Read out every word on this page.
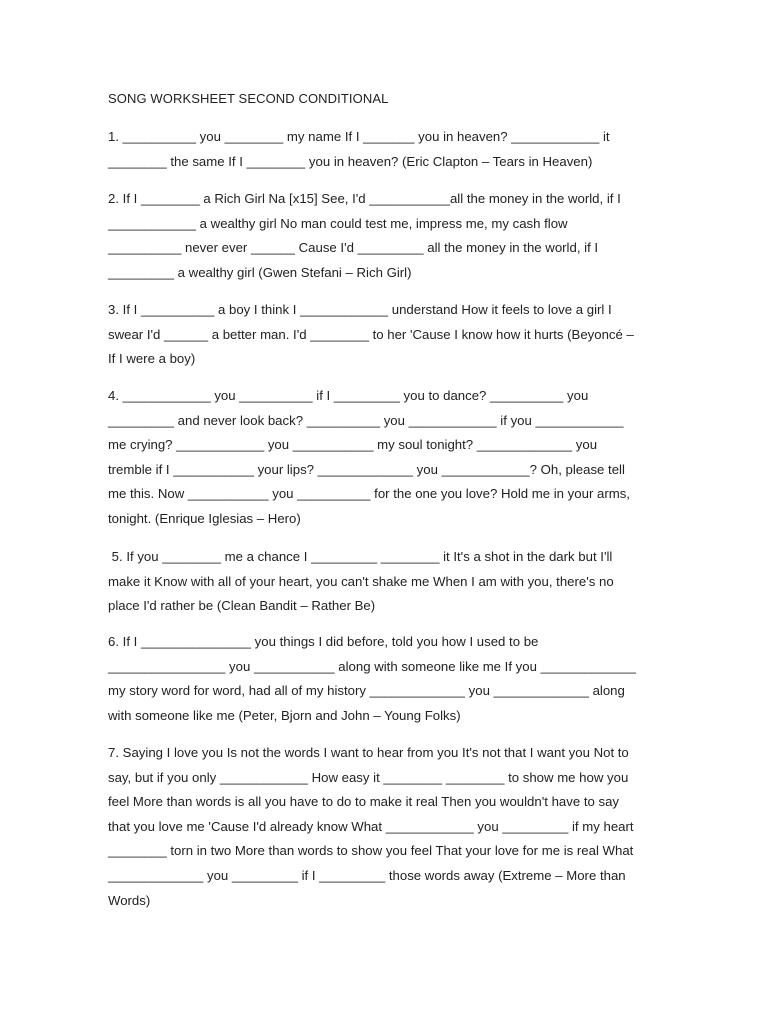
SONG WORKSHEET SECOND CONDITIONAL
1. __________ you ________ my name If I _______ you in heaven? ____________ it
________ the same If I ________ you in heaven? (Eric Clapton – Tears in Heaven)
2. If I ________ a Rich Girl Na [x15] See, I'd ___________all the money in the world, if I
____________ a wealthy girl No man could test me, impress me, my cash flow
__________ never ever ______ Cause I'd _________ all the money in the world, if I
_________ a wealthy girl (Gwen Stefani – Rich Girl)
3. If I __________ a boy I think I ____________ understand How it feels to love a girl I
swear I'd ______ a better man. I'd ________ to her 'Cause I know how it hurts (Beyoncé –
If I were a boy)
4. ____________ you __________ if I _________ you to dance? __________ you
_________ and never look back? __________ you ____________ if you ____________
me crying? ____________ you ___________ my soul tonight? _____________ you
tremble if I ___________ your lips? _____________ you ____________? Oh, please tell
me this. Now ___________ you __________ for the one you love? Hold me in your arms,
tonight. (Enrique Iglesias – Hero)
5. If you ________ me a chance I _________ ________ it It's a shot in the dark but I'll
make it Know with all of your heart, you can't shake me When I am with you, there's no
place I'd rather be (Clean Bandit – Rather Be)
6. If I _______________ you things I did before, told you how I used to be
________________ you ___________ along with someone like me If you _____________
my story word for word, had all of my history _____________ you _____________ along
with someone like me (Peter, Bjorn and John – Young Folks)
7. Saying I love you Is not the words I want to hear from you It's not that I want you Not to
say, but if you only ____________ How easy it ________ ________ to show me how you
feel More than words is all you have to do to make it real Then you wouldn't have to say
that you love me 'Cause I'd already know What ____________ you _________ if my heart
________ torn in two More than words to show you feel That your love for me is real What
_____________ you _________ if I _________ those words away (Extreme – More than
Words)
